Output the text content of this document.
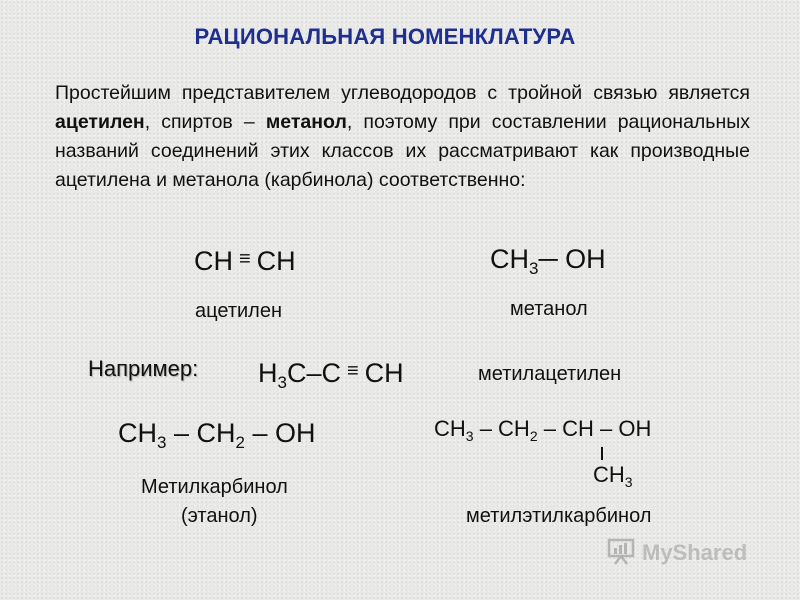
РАЦИОНАЛЬНАЯ НОМЕНКЛАТУРА
Простейшим представителем углеводородов с тройной связью является ацетилен, спиртов – метанол, поэтому при составлении рациональных названий соединений этих классов их рассматривают как производные ацетилена и метанола (карбинола) соответственно:
CH ≡ CH
ацетилен
$CH_3─$ OH
метанол
Например: $H_3C-C$ ≡ CH	метилацетилен
$CH_3 - CH_2$ – OH
Метилкарбинол
(этанол)
$CH_3 - CH_2$ – CH – OH
$CH_3$
метилэтилкарбинол
MyShared
